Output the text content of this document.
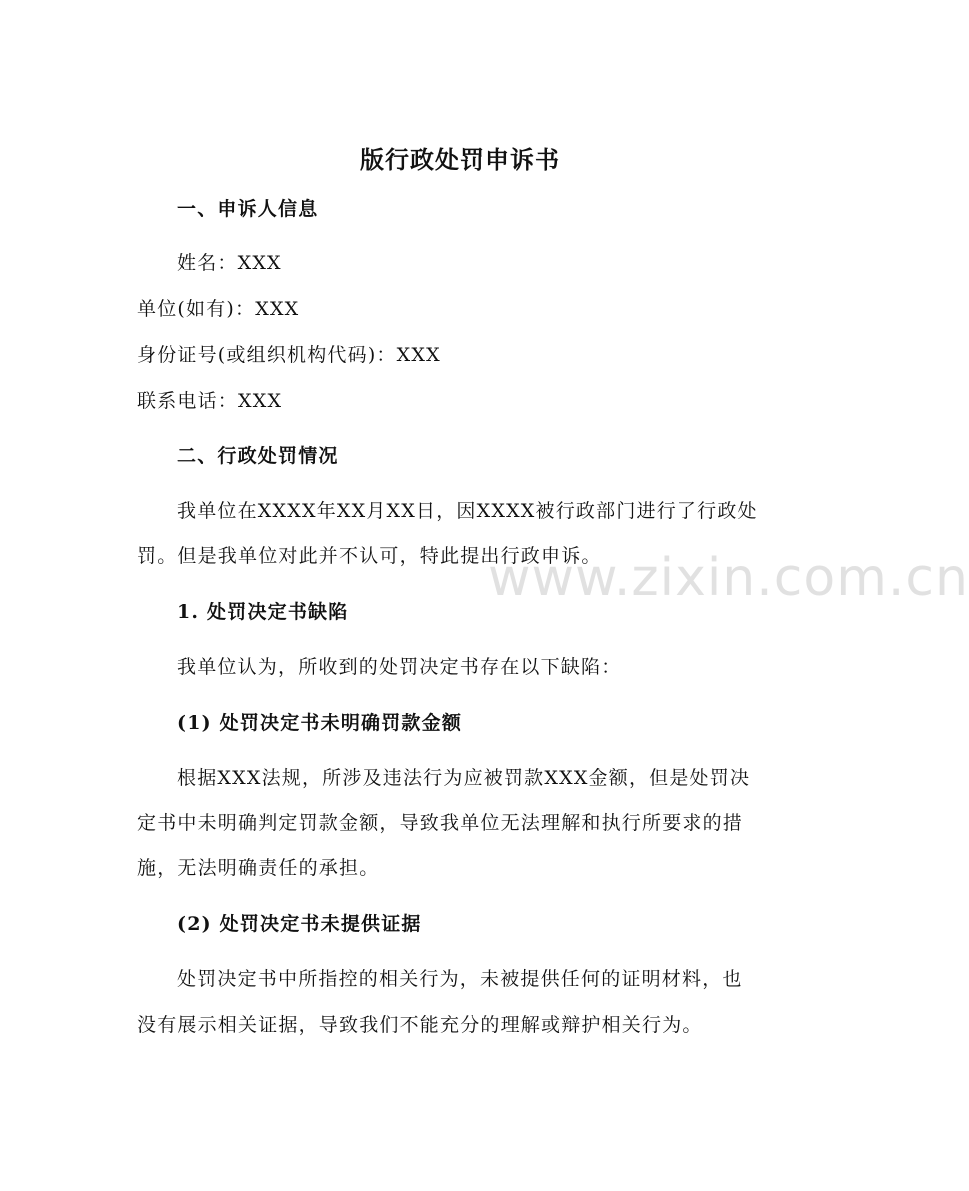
版行政处罚申诉书
一、申诉人信息
姓名：XXX
单位(如有)：XXX
身份证号(或组织机构代码)：XXX
联系电话：XXX
二、行政处罚情况
我单位在XXXX年XX月XX日，因XXXX被行政部门进行了行政处
罚。但是我单位对此并不认可，特此提出行政申诉。
1. 处罚决定书缺陷
我单位认为，所收到的处罚决定书存在以下缺陷：
(1) 处罚决定书未明确罚款金额
根据XXX法规，所涉及违法行为应被罚款XXX金额，但是处罚决
定书中未明确判定罚款金额，导致我单位无法理解和执行所要求的措
施，无法明确责任的承担。
(2) 处罚决定书未提供证据
处罚决定书中所指控的相关行为，未被提供任何的证明材料，也
没有展示相关证据，导致我们不能充分的理解或辩护相关行为。
www.zixin.com.cn
